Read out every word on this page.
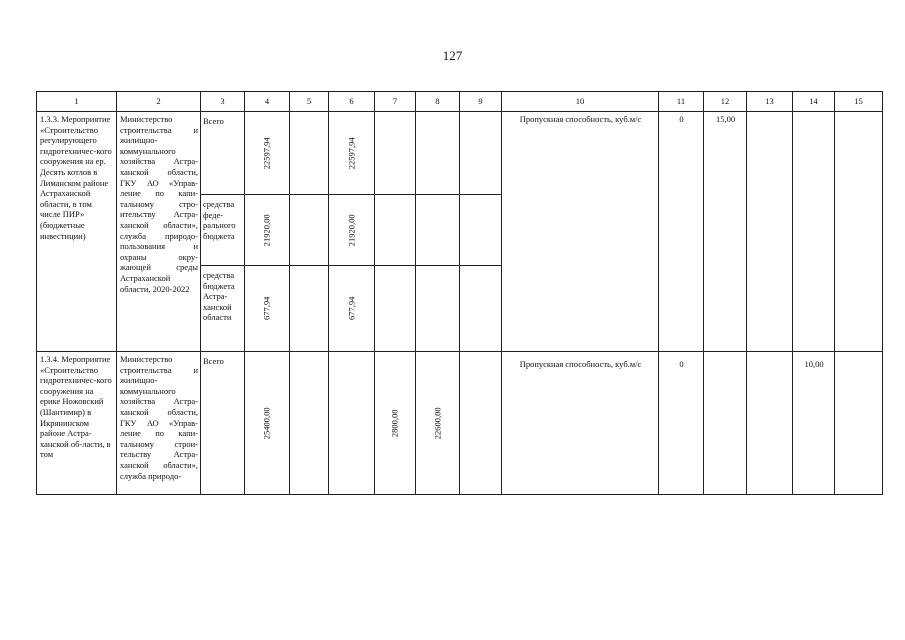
127
1	2	3	4	5	6	7	8	9	10	11	12	13	14	15
1.3.3. Мероприятие «Строительство регулирующего гидротехничес-кого сооружения на ер. Десять котлов в Лиманском районе Астраханской области, в том числе ПИР» (бюджетные инвестиции)	Министерство строительства и жилищно-коммунального хозяйства Астра-ханской области, ГКУ АО «Управ-ление по капи-тальному стро-ительству Астра-ханской области», служба природо-пользования и охраны окру-жающей среды Астраханской области, 2020-2022	Всего	22597,94		22597,94				Пропускная способность, куб.м/с	0	15,00			
		средства феде-рального бюджета	21920,00		21920,00									

		средства бюджета Астра-ханской области	677,94		677,94									

1.3.4. Мероприятие «Строительство гидротехничес-кого сооружения на ерике Ножовский (Шантимир) в Икрянинском районе Астра-ханской об-ласти, в том	Министерство строительства и жилищно-коммунального хозяйства Астра-ханской области, ГКУ АО «Управ-ление по капи-тальному строи-тельству Астра-ханской области», служба природо-	Всего	25400,00			2800,00	22600,00		Пропускная способность, куб.м/с	0			10,00	
